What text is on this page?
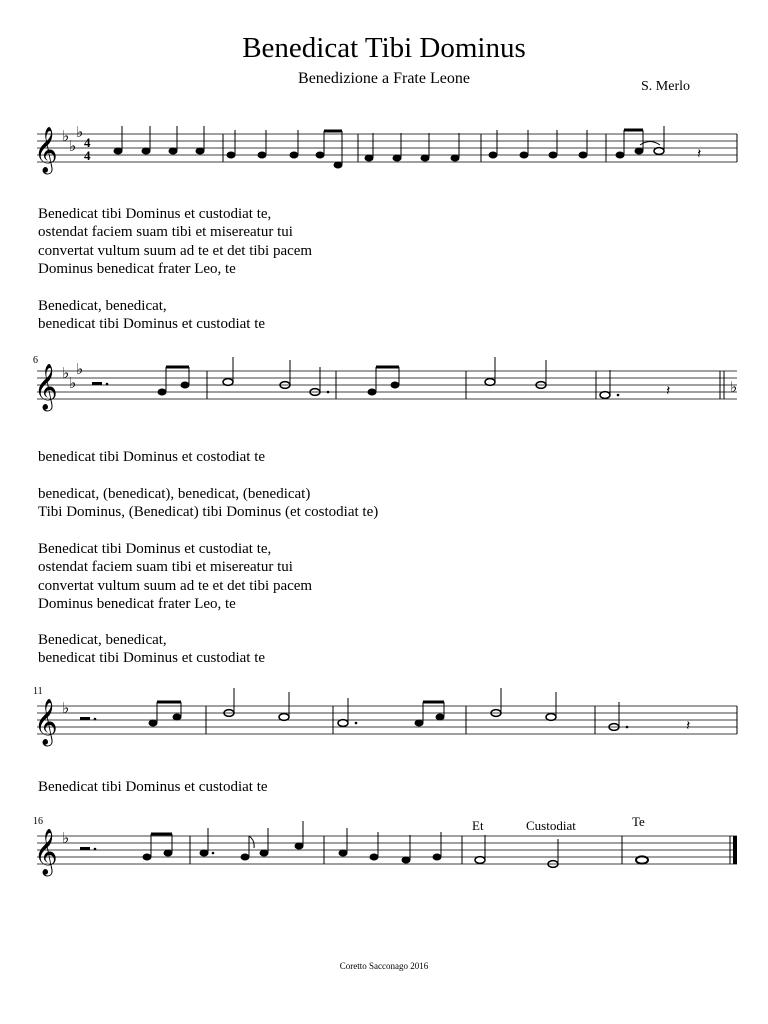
Benedicat Tibi Dominus
Benedizione a Frate Leone	S. Merlo
𝄞 ♭
♭
♭
4
4	𝄽
Benedicat tibi Dominus et custodiat te,
ostendat faciem suam tibi et misereatur tui
convertat vultum suum ad te et det tibi pacem
Dominus benedicat frater Leo, te
Benedicat, benedicat,
benedicat tibi Dominus et custodiat te
6
𝄞 ♭
♭
♭
𝄽	♭
benedicat tibi Dominus et costodiat te
benedicat, (benedicat), benedicat, (benedicat)
Tibi Dominus, (Benedicat) tibi Dominus (et costodiat te)
Benedicat tibi Dominus et custodiat te,
ostendat faciem suam tibi et misereatur tui
convertat vultum suum ad te et det tibi pacem
Dominus benedicat frater Leo, te
Benedicat, benedicat,
benedicat tibi Dominus et custodiat te
11
𝄞 ♭
𝄽
Benedicat tibi Dominus et custodiat te
16	Et	Custodiat	Te
𝄞 ♭
Coretto Sacconago 2016
